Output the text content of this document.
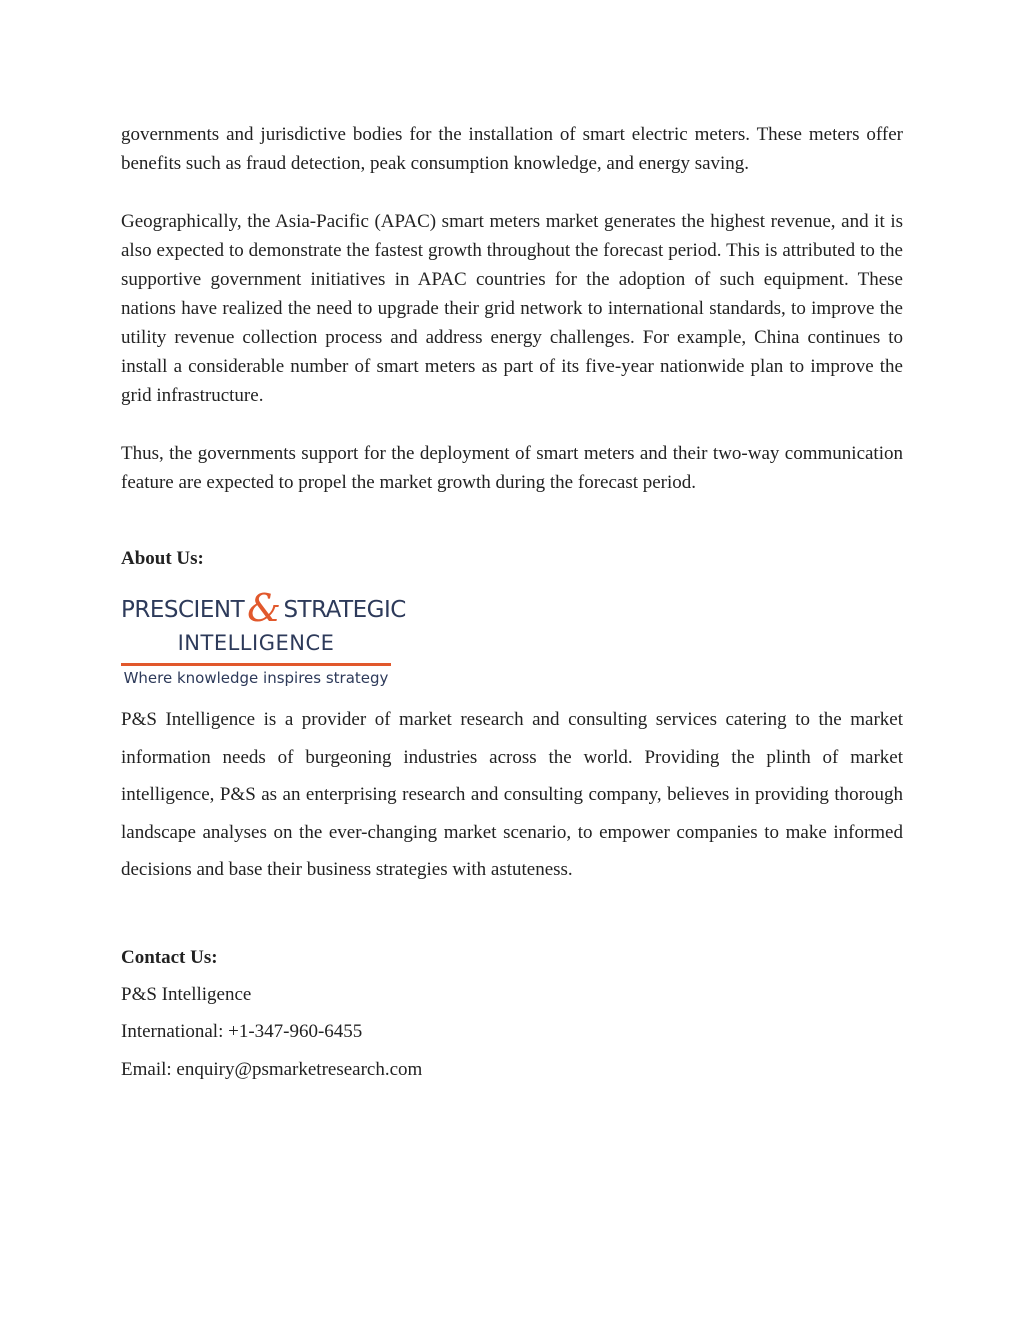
governments and jurisdictive bodies for the installation of smart electric meters. These meters offer benefits such as fraud detection, peak consumption knowledge, and energy saving.

Geographically, the Asia-Pacific (APAC) smart meters market generates the highest revenue, and it is also expected to demonstrate the fastest growth throughout the forecast period. This is attributed to the supportive government initiatives in APAC countries for the adoption of such equipment. These nations have realized the need to upgrade their grid network to international standards, to improve the utility revenue collection process and address energy challenges. For example, China continues to install a considerable number of smart meters as part of its five-year nationwide plan to improve the grid infrastructure.

Thus, the governments support for the deployment of smart meters and their two-way communication feature are expected to propel the market growth during the forecast period.

About Us:

PRESCIENT & STRATEGIC
INTELLIGENCE
Where knowledge inspires strategy

P&S Intelligence is a provider of market research and consulting services catering to the market information needs of burgeoning industries across the world. Providing the plinth of market intelligence, P&S as an enterprising research and consulting company, believes in providing thorough landscape analyses on the ever-changing market scenario, to empower companies to make informed decisions and base their business strategies with astuteness.

Contact Us:

P&S Intelligence

International: +1-347-960-6455

Email: enquiry@psmarketresearch.com
